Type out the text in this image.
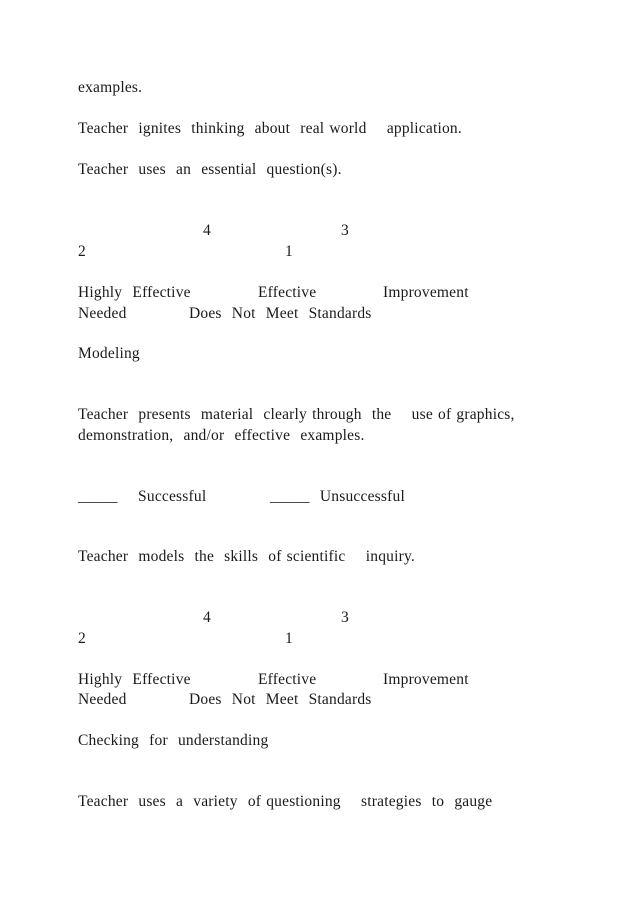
examples.
Teacher  ignites  thinking  about  real world    application.
Teacher  uses  an  essential  question(s).
4	3
2	1
Highly  Effective	Effective	Improvement
Needed	Does  Not  Meet  Standards
Modeling
Teacher  presents  material  clearly through  the    use of graphics,
demonstration,  and/or  effective  examples.
_____    Successful	_____  Unsuccessful
Teacher  models  the  skills  of scientific    inquiry.
4	3
2	1
Highly  Effective	Effective	Improvement
Needed	Does  Not  Meet  Standards
Checking  for  understanding
Teacher  uses  a  variety  of questioning    strategies  to  gauge
